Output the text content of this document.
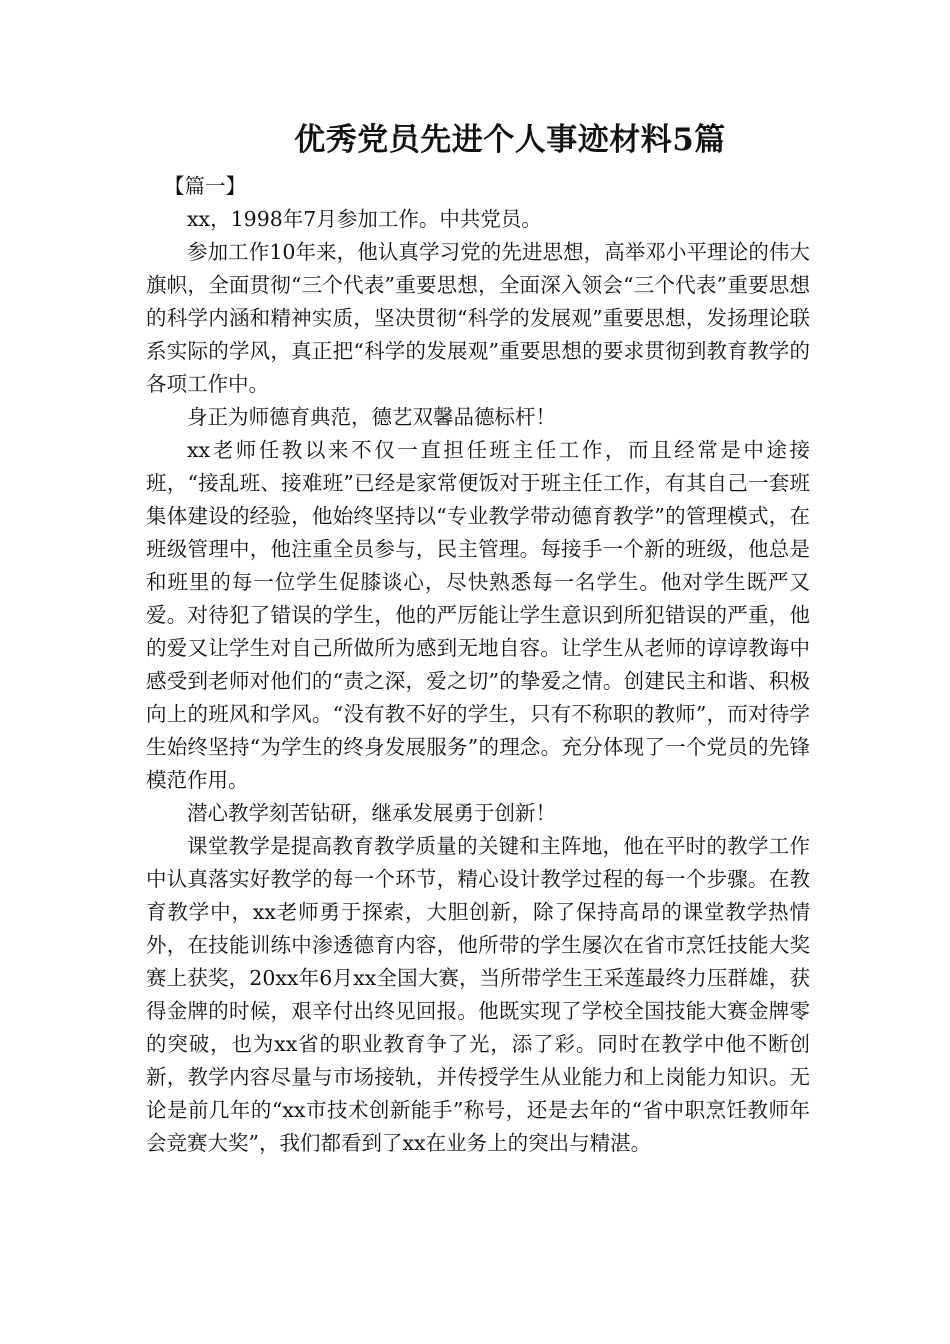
优秀党员先进个人事迹材料5篇

【篇一】

xx，1998年7月参加工作。中共党员。

参加工作10年来，他认真学习党的先进思想，高举邓小平理论的伟大旗帜，全面贯彻“三个代表”重要思想，全面深入领会“三个代表”重要思想的科学内涵和精神实质，坚决贯彻“科学的发展观”重要思想，发扬理论联系实际的学风，真正把“科学的发展观”重要思想的要求贯彻到教育教学的各项工作中。

身正为师德育典范，德艺双馨品德标杆！

xx老师任教以来不仅一直担任班主任工作，而且经常是中途接班，“接乱班、接难班”已经是家常便饭对于班主任工作，有其自己一套班集体建设的经验，他始终坚持以“专业教学带动德育教学”的管理模式，在班级管理中，他注重全员参与，民主管理。每接手一个新的班级，他总是和班里的每一位学生促膝谈心，尽快熟悉每一名学生。他对学生既严又爱。对待犯了错误的学生，他的严厉能让学生意识到所犯错误的严重，他的爱又让学生对自己所做所为感到无地自容。让学生从老师的谆谆教诲中感受到老师对他们的“责之深，爱之切”的挚爱之情。创建民主和谐、积极向上的班风和学风。“没有教不好的学生，只有不称职的教师”，而对待学生始终坚持“为学生的终身发展服务”的理念。充分体现了一个党员的先锋模范作用。

潜心教学刻苦钻研，继承发展勇于创新！

课堂教学是提高教育教学质量的关键和主阵地，他在平时的教学工作中认真落实好教学的每一个环节，精心设计教学过程的每一个步骤。在教育教学中，xx老师勇于探索，大胆创新，除了保持高昂的课堂教学热情外，在技能训练中渗透德育内容，他所带的学生屡次在省市烹饪技能大奖赛上获奖，20xx年6月xx全国大赛，当所带学生王采莲最终力压群雄，获得金牌的时候，艰辛付出终见回报。他既实现了学校全国技能大赛金牌零的突破，也为xx省的职业教育争了光，添了彩。同时在教学中他不断创新，教学内容尽量与市场接轨，并传授学生从业能力和上岗能力知识。无论是前几年的“xx市技术创新能手”称号，还是去年的“省中职烹饪教师年会竞赛大奖”，我们都看到了xx在业务上的突出与精湛。
